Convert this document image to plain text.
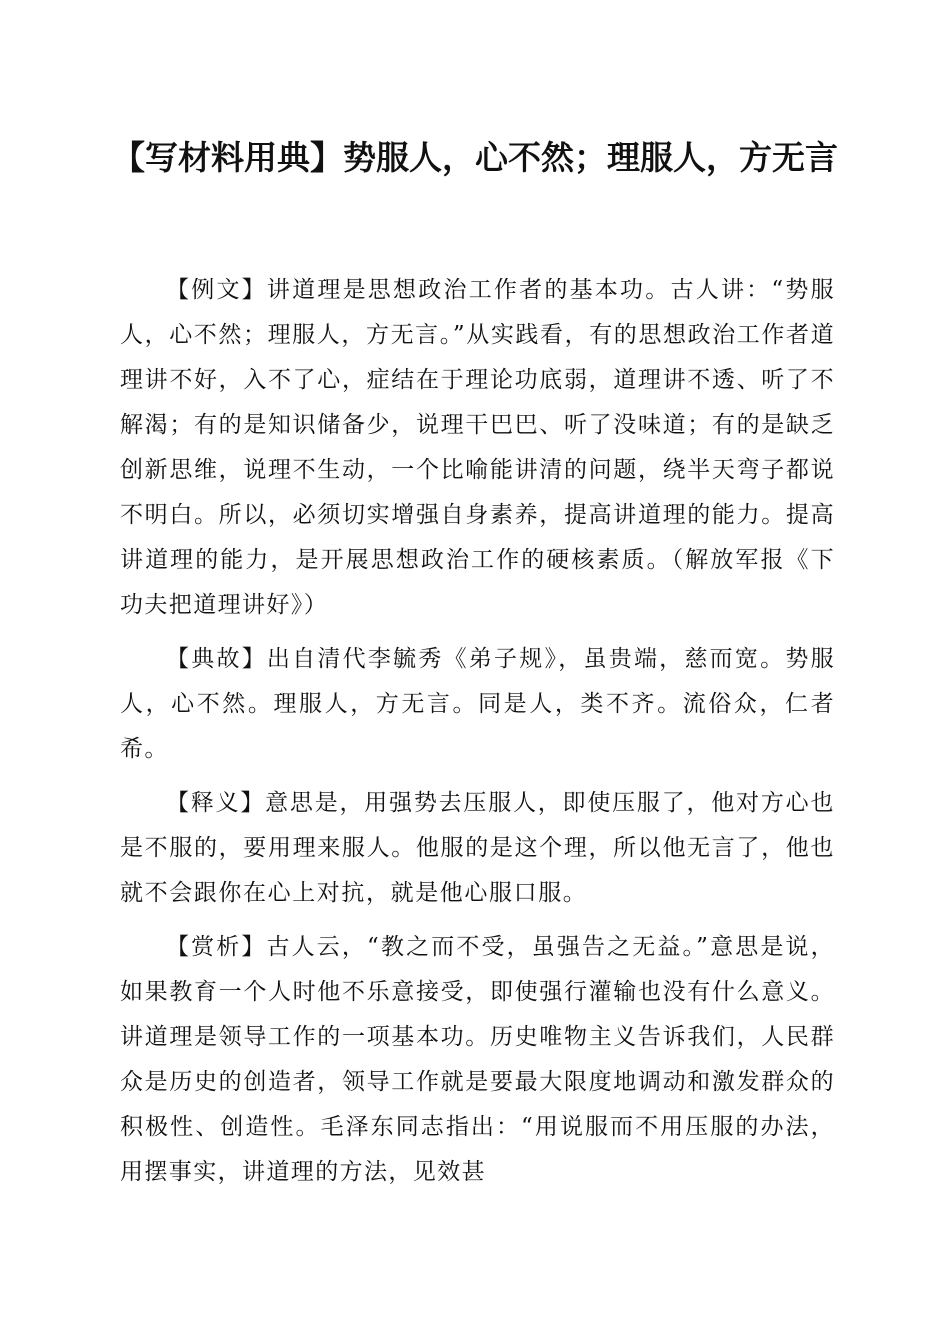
【写材料用典】势服人，心不然；理服人，方无言

【例文】讲道理是思想政治工作者的基本功。古人讲：“势服人，心不然；理服人，方无言。”从实践看，有的思想政治工作者道理讲不好，入不了心，症结在于理论功底弱，道理讲不透、听了不解渴；有的是知识储备少，说理干巴巴、听了没味道；有的是缺乏创新思维，说理不生动，一个比喻能讲清的问题，绕半天弯子都说不明白。所以，必须切实增强自身素养，提高讲道理的能力。提高讲道理的能力，是开展思想政治工作的硬核素质。（解放军报《下功夫把道理讲好》）

【典故】出自清代李毓秀《弟子规》，虽贵端，慈而宽。势服人，心不然。理服人，方无言。同是人，类不齐。流俗众，仁者希。

【释义】意思是，用强势去压服人，即使压服了，他对方心也是不服的，要用理来服人。他服的是这个理，所以他无言了，他也就不会跟你在心上对抗，就是他心服口服。

【赏析】古人云，“教之而不受，虽强告之无益。”意思是说，如果教育一个人时他不乐意接受，即使强行灌输也没有什么意义。讲道理是领导工作的一项基本功。历史唯物主义告诉我们，人民群众是历史的创造者，领导工作就是要最大限度地调动和激发群众的积极性、创造性。毛泽东同志指出：“用说服而不用压服的办法，用摆事实，讲道理的方法，见效甚
